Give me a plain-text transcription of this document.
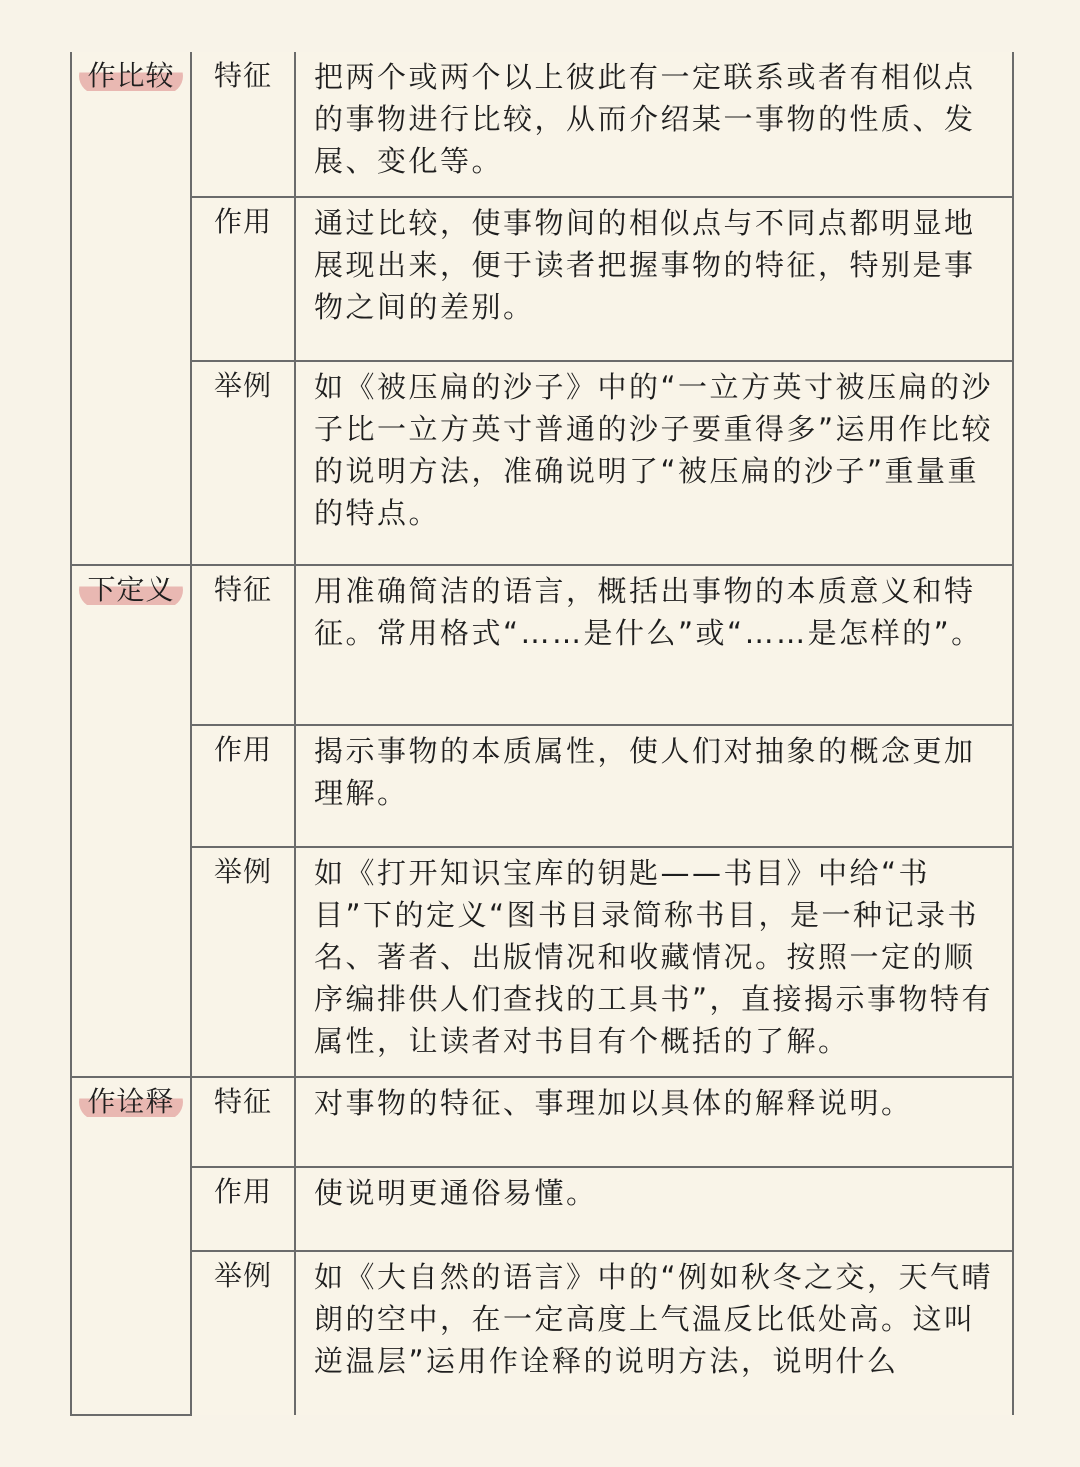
作比较	特征	把两个或两个以上彼此有一定联系或者有相似点的事物进行比较，从而介绍某一事物的性质、发展、变化等。

	作用	通过比较，使事物间的相似点与不同点都明显地展现出来，便于读者把握事物的特征，特别是事物之间的差别。

	举例	如《被压扁的沙子》中的“一立方英寸被压扁的沙子比一立方英寸普通的沙子要重得多”运用作比较的说明方法，准确说明了“被压扁的沙子”重量重的特点。

下定义	特征	用准确简洁的语言，概括出事物的本质意义和特征。常用格式“……是什么”或“……是怎样的”。

	作用	揭示事物的本质属性，使人们对抽象的概念更加理解。

	举例	如《打开知识宝库的钥匙——书目》中给“书目”下的定义“图书目录简称书目，是一种记录书名、著者、出版情况和收藏情况。按照一定的顺序编排供人们查找的工具书”，直接揭示事物特有属性，让读者对书目有个概括的了解。

作诠释	特征	对事物的特征、事理加以具体的解释说明。

	作用	使说明更通俗易懂。

	举例	如《大自然的语言》中的“例如秋冬之交，天气晴朗的空中，在一定高度上气温反比低处高。这叫逆温层”运用作诠释的说明方法，说明什么
